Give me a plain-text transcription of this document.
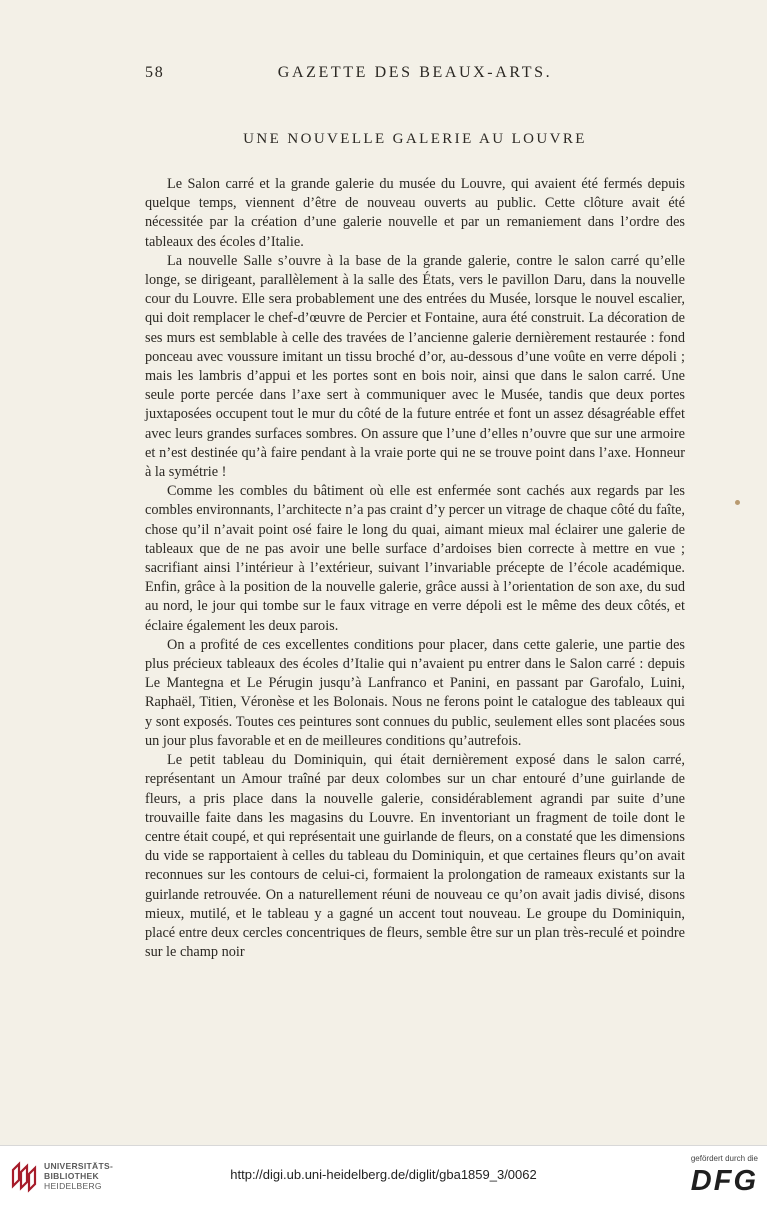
58	GAZETTE DES BEAUX-ARTS.
UNE NOUVELLE GALERIE AU LOUVRE

Le Salon carré et la grande galerie du musée du Louvre, qui avaient été fermés depuis quelque temps, viennent d’être de nouveau ouverts au public. Cette clôture avait été nécessitée par la création d’une galerie nouvelle et par un remaniement dans l’ordre des tableaux des écoles d’Italie.

La nouvelle Salle s’ouvre à la base de la grande galerie, contre le salon carré qu’elle longe, se dirigeant, parallèlement à la salle des États, vers le pavillon Daru, dans la nouvelle cour du Louvre. Elle sera probablement une des entrées du Musée, lorsque le nouvel escalier, qui doit remplacer le chef-d’œuvre de Percier et Fontaine, aura été construit. La décoration de ses murs est semblable à celle des travées de l’ancienne galerie dernièrement restaurée : fond ponceau avec voussure imitant un tissu broché d’or, au-dessous d’une voûte en verre dépoli ; mais les lambris d’appui et les portes sont en bois noir, ainsi que dans le salon carré. Une seule porte percée dans l’axe sert à communiquer avec le Musée, tandis que deux portes juxtaposées occupent tout le mur du côté de la future entrée et font un assez désagréable effet avec leurs grandes surfaces sombres. On assure que l’une d’elles n’ouvre que sur une armoire et n’est destinée qu’à faire pendant à la vraie porte qui ne se trouve point dans l’axe. Honneur à la symétrie !

Comme les combles du bâtiment où elle est enfermée sont cachés aux regards par les combles environnants, l’architecte n’a pas craint d’y percer un vitrage de chaque côté du faîte, chose qu’il n’avait point osé faire le long du quai, aimant mieux mal éclairer une galerie de tableaux que de ne pas avoir une belle surface d’ardoises bien correcte à mettre en vue ; sacrifiant ainsi l’intérieur à l’extérieur, suivant l’invariable précepte de l’école académique. Enfin, grâce à la position de la nouvelle galerie, grâce aussi à l’orientation de son axe, du sud au nord, le jour qui tombe sur le faux vitrage en verre dépoli est le même des deux côtés, et éclaire également les deux parois.

On a profité de ces excellentes conditions pour placer, dans cette galerie, une partie des plus précieux tableaux des écoles d’Italie qui n’avaient pu entrer dans le Salon carré : depuis Le Mantegna et Le Pérugin jusqu’à Lanfranco et Panini, en passant par Garofalo, Luini, Raphaël, Titien, Véronèse et les Bolonais. Nous ne ferons point le catalogue des tableaux qui y sont exposés. Toutes ces peintures sont connues du public, seulement elles sont placées sous un jour plus favorable et en de meilleures conditions qu’autrefois.

Le petit tableau du Dominiquin, qui était dernièrement exposé dans le salon carré, représentant un Amour traîné par deux colombes sur un char entouré d’une guirlande de fleurs, a pris place dans la nouvelle galerie, considérablement agrandi par suite d’une trouvaille faite dans les magasins du Louvre. En inventoriant un fragment de toile dont le centre était coupé, et qui représentait une guirlande de fleurs, on a constaté que les dimensions du vide se rapportaient à celles du tableau du Dominiquin, et que certaines fleurs qu’on avait reconnues sur les contours de celui-ci, formaient la prolongation de rameaux existants sur la guirlande retrouvée. On a naturellement réuni de nouveau ce qu’on avait jadis divisé, disons mieux, mutilé, et le tableau y a gagné un accent tout nouveau. Le groupe du Dominiquin, placé entre deux cercles concentriques de fleurs, semble être sur un plan très-reculé et poindre sur le champ noir

UNIVERSITÄTS-
BIBLIOTHEK
HEIDELBERG
http://digi.ub.uni-heidelberg.de/diglit/gba1859_3/0062
gefördert durch die
DFG
